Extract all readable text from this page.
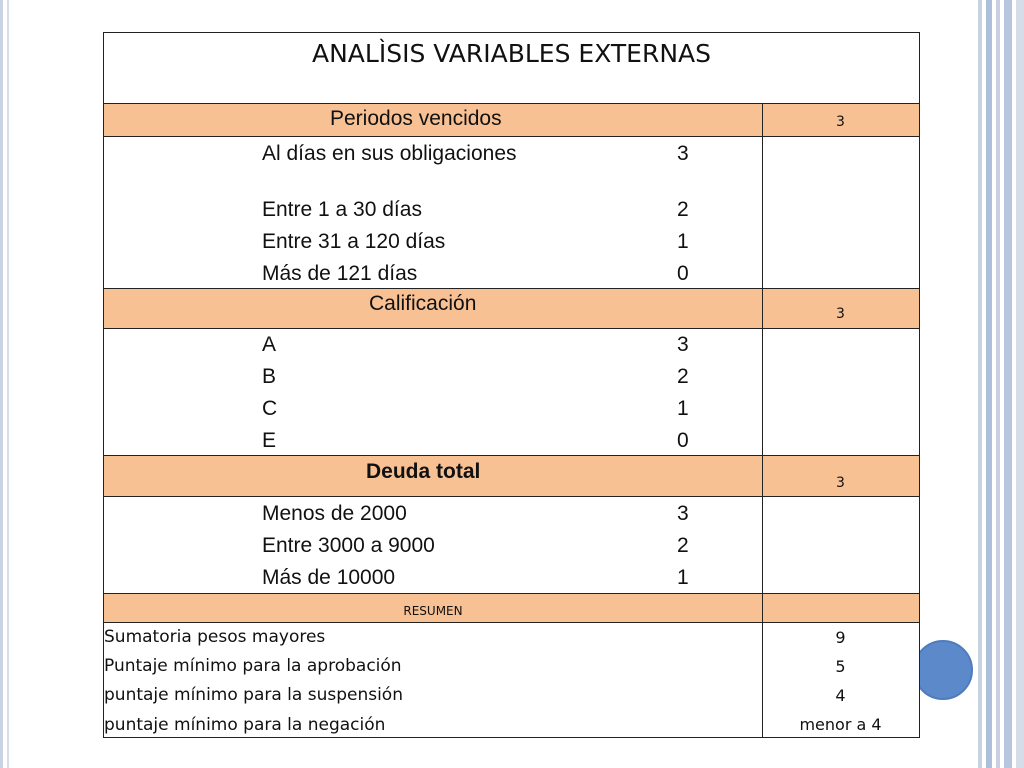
ANALÌSIS VARIABLES EXTERNAS
Periodos vencidos	3
Al días en sus obligaciones	3
Entre 1 a 30 días	2
Entre 31 a 120 días	1
Más de 121 días	0
Calificación	3
A	3
B	2
C	1
E	0
Deuda total	3
Menos de 2000	3
Entre 3000 a 9000	2
Más de 10000	1
RESUMEN
Sumatoria pesos mayores	9
Puntaje mínimo para la aprobación	5
puntaje mínimo para la suspensión	4
puntaje mínimo para la negación	menor a 4
